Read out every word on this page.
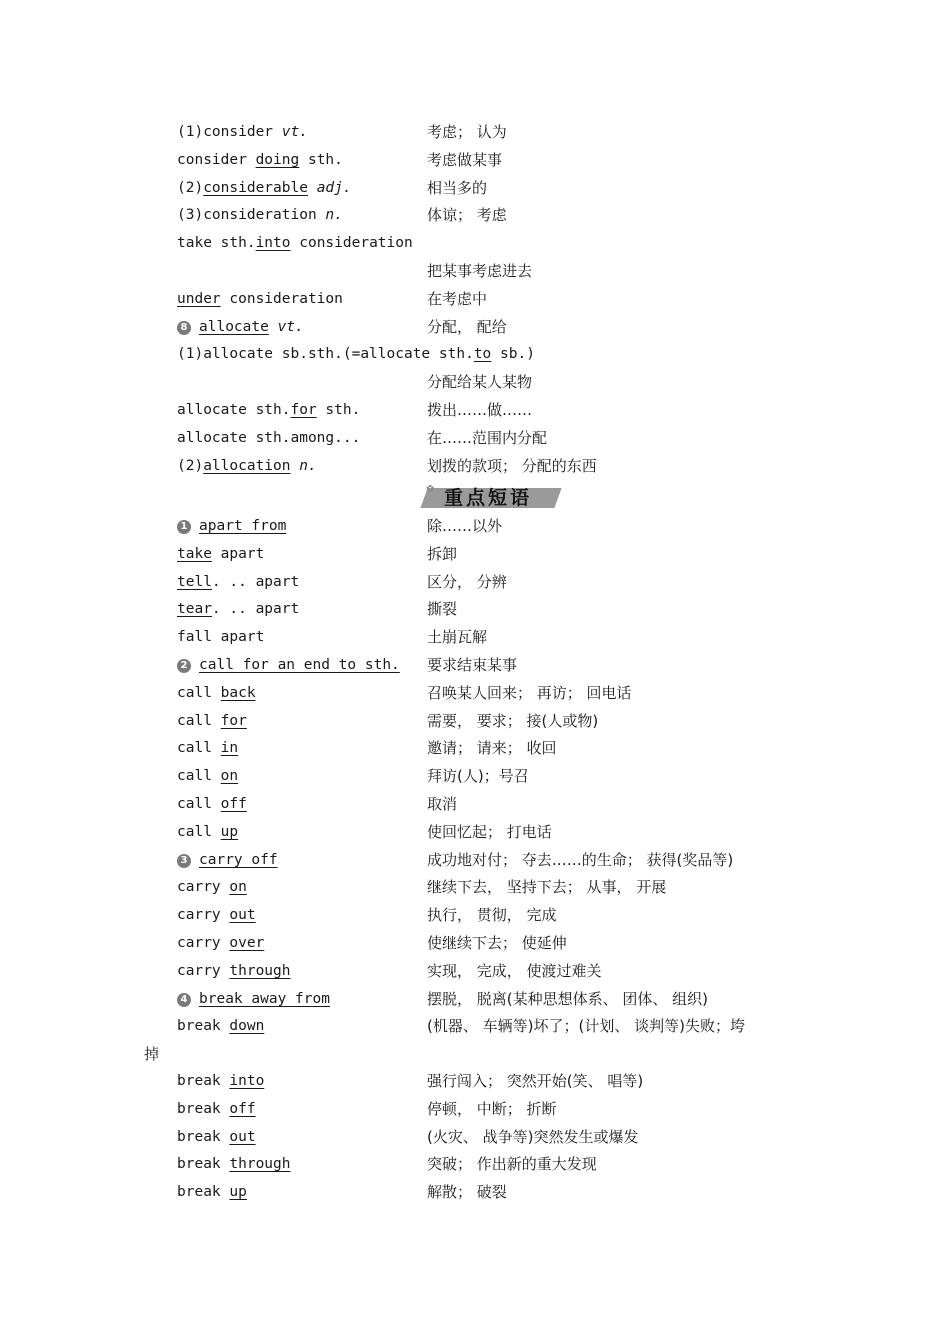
(1)consider vt.	考虑； 认为
consider doing sth.	考虑做某事
(2)considerable adj.	相当多的
(3)consideration n.	体谅； 考虑
take sth.into consideration
把某事考虑进去
under consideration	在考虑中
8 allocate vt.	分配， 配给
(1)allocate sb.sth.(=allocate sth.to sb.)
分配给某人某物
allocate sth.for sth.	拨出……做……
allocate sth.among...	在……范围内分配
(2)allocation n.	划拨的款项； 分配的东西
✿ 重点短语
1 apart from	除……以外
take apart	拆卸
tell. .. apart	区分， 分辨
tear. .. apart	撕裂
fall apart	土崩瓦解
2 call for an end to sth. 要求结束某事
call back	召唤某人回来； 再访； 回电话
call for	需要， 要求； 接(人或物)
call in	邀请； 请来； 收回
call on	拜访(人)；号召
call off	取消
call up	使回忆起； 打电话
3 carry off	成功地对付； 夺去……的生命； 获得(奖品等)
carry on	继续下去， 坚持下去； 从事， 开展
carry out	执行， 贯彻， 完成
carry over	使继续下去； 使延伸
carry through	实现， 完成， 使渡过难关
4 break away from	摆脱， 脱离(某种思想体系、 团体、 组织)
break down	(机器、 车辆等)坏了；(计划、 谈判等)失败；垮
掉
break into	强行闯入； 突然开始(笑、 唱等)
break off	停顿， 中断； 折断
break out	(火灾、 战争等)突然发生或爆发
break through	突破； 作出新的重大发现
break up	解散； 破裂
